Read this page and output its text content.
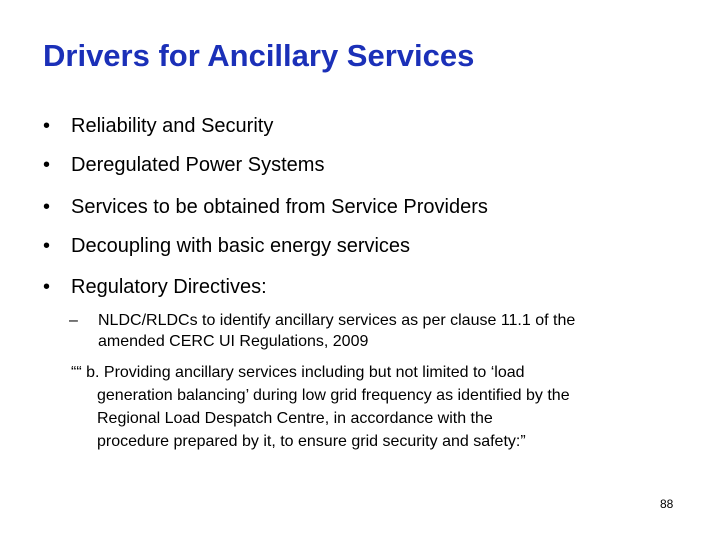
Drivers for Ancillary Services
• Reliability and Security
• Deregulated Power Systems
• Services to be obtained from Service Providers
• Decoupling with basic energy services
• Regulatory Directives:
– NLDC/RLDCs to identify ancillary services as per clause 11.1 of the
amended CERC UI Regulations, 2009
““ b. Providing ancillary services including but not limited to ‘load
generation balancing’ during low grid frequency as identified by the
Regional Load Despatch Centre, in accordance with the
procedure prepared by it, to ensure grid security and safety:”
88
